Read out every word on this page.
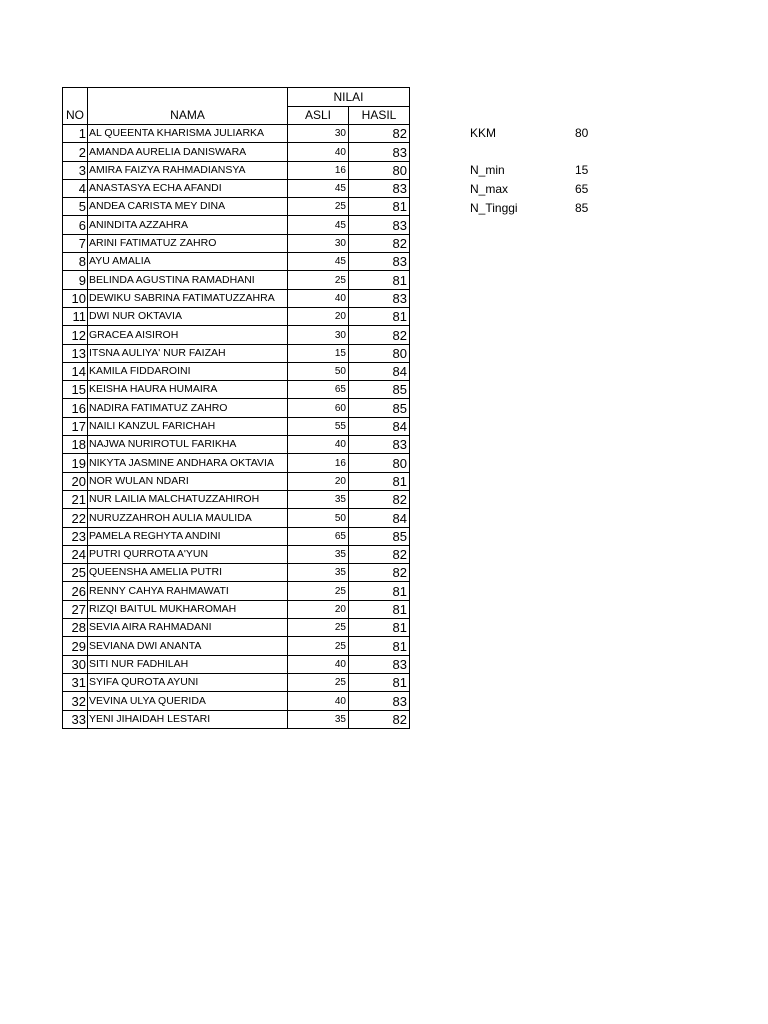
		NILAI	
NO	NAMA	ASLI	HASIL
1	AL QUEENTA KHARISMA JULIARKA	30	82
2	AMANDA AURELIA DANISWARA	40	83
3	AMIRA FAIZYA RAHMADIANSYA	16	80
4	ANASTASYA ECHA AFANDI	45	83
5	ANDEA CARISTA MEY DINA	25	81
6	ANINDITA AZZAHRA	45	83
7	ARINI FATIMATUZ ZAHRO	30	82
8	AYU AMALIA	45	83
9	BELINDA AGUSTINA RAMADHANI	25	81
10	DEWIKU SABRINA FATIMATUZZAHRA	40	83
11	DWI NUR OKTAVIA	20	81
12	GRACEA AISIROH	30	82
13	ITSNA AULIYA' NUR FAIZAH	15	80
14	KAMILA FIDDAROINI	50	84
15	KEISHA HAURA HUMAIRA	65	85
16	NADIRA FATIMATUZ ZAHRO	60	85
17	NAILI KANZUL FARICHAH	55	84
18	NAJWA NURIROTUL FARIKHA	40	83
19	NIKYTA JASMINE ANDHARA OKTAVIA	16	80
20	NOR WULAN NDARI	20	81
21	NUR LAILIA MALCHATUZZAHIROH	35	82
22	NURUZZAHROH AULIA MAULIDA	50	84
23	PAMELA REGHYTA ANDINI	65	85
24	PUTRI QURROTA A'YUN	35	82
25	QUEENSHA AMELIA PUTRI	35	82
26	RENNY CAHYA RAHMAWATI	25	81
27	RIZQI BAITUL MUKHAROMAH	20	81
28	SEVIA AIRA RAHMADANI	25	81
29	SEVIANA DWI ANANTA	25	81
30	SITI NUR FADHILAH	40	83
31	SYIFA QUROTA AYUNI	25	81
32	VEVINA ULYA QUERIDA	40	83
33	YENI JIHAIDAH LESTARI	35	82
KKM	80
N_min	15
N_max	65
N_Tinggi	85
